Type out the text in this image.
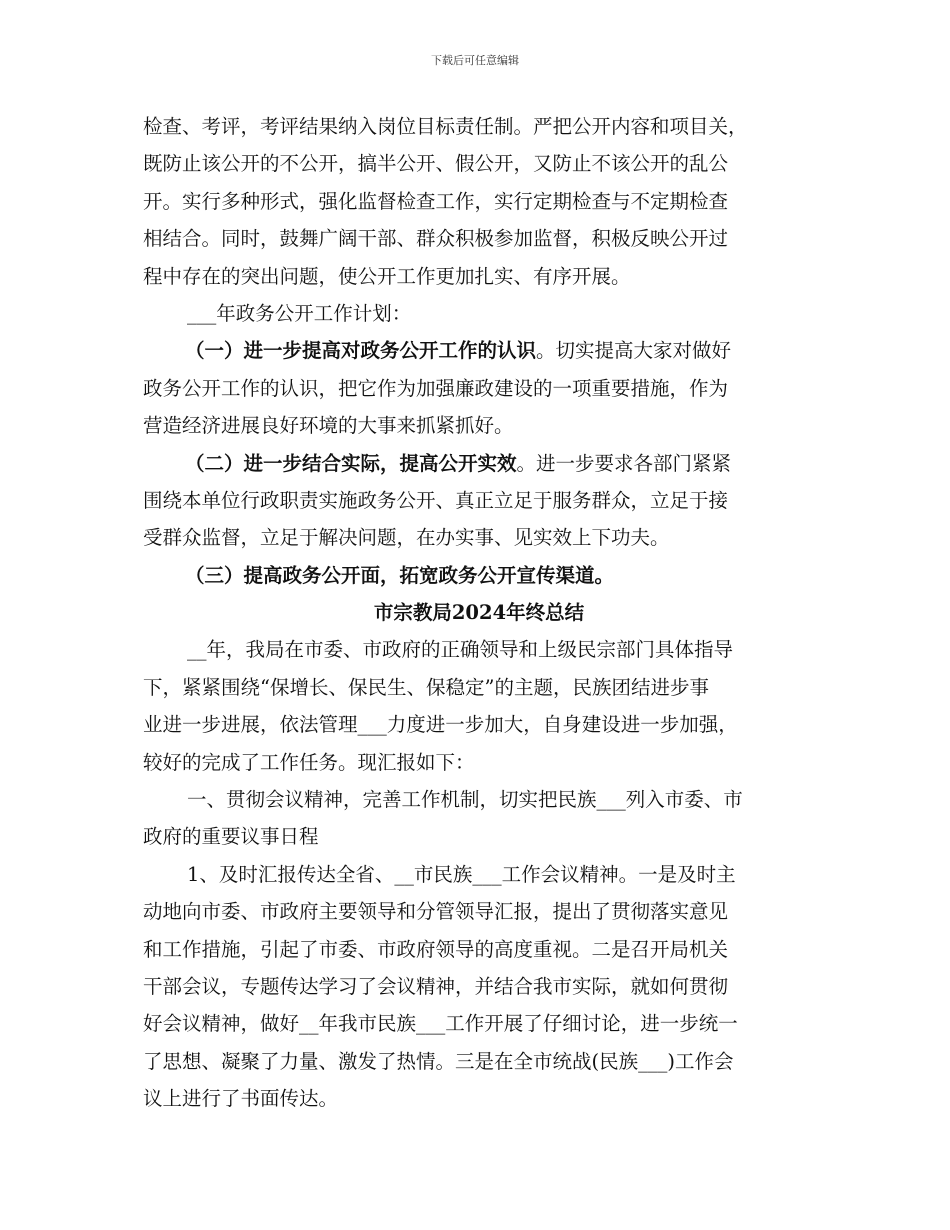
下载后可任意编辑
检查、考评，考评结果纳入岗位目标责任制。严把公开内容和项目关，
既防止该公开的不公开，搞半公开、假公开，又防止不该公开的乱公
开。实行多种形式，强化监督检查工作，实行定期检查与不定期检查
相结合。同时，鼓舞广阔干部、群众积极参加监督，积极反映公开过
程中存在的突出问题，使公开工作更加扎实、有序开展。
___年政务公开工作计划：
（一）进一步提高对政务公开工作的认识。切实提高大家对做好
政务公开工作的认识，把它作为加强廉政建设的一项重要措施，作为
营造经济进展良好环境的大事来抓紧抓好。
（二）进一步结合实际，提高公开实效。进一步要求各部门紧紧
围绕本单位行政职责实施政务公开、真正立足于服务群众，立足于接
受群众监督，立足于解决问题，在办实事、见实效上下功夫。
（三）提高政务公开面，拓宽政务公开宣传渠道。
市宗教局2024年终总结
__年，我局在市委、市政府的正确领导和上级民宗部门具体指导
下，紧紧围绕“保增长、保民生、保稳定”的主题，民族团结进步事
业进一步进展，依法管理___力度进一步加大，自身建设进一步加强，
较好的完成了工作任务。现汇报如下：
一、贯彻会议精神，完善工作机制，切实把民族___列入市委、市
政府的重要议事日程
1、及时汇报传达全省、__市民族___工作会议精神。一是及时主
动地向市委、市政府主要领导和分管领导汇报，提出了贯彻落实意见
和工作措施，引起了市委、市政府领导的高度重视。二是召开局机关
干部会议，专题传达学习了会议精神，并结合我市实际，就如何贯彻
好会议精神，做好__年我市民族___工作开展了仔细讨论，进一步统一
了思想、凝聚了力量、激发了热情。三是在全市统战(民族___)工作会
议上进行了书面传达。
